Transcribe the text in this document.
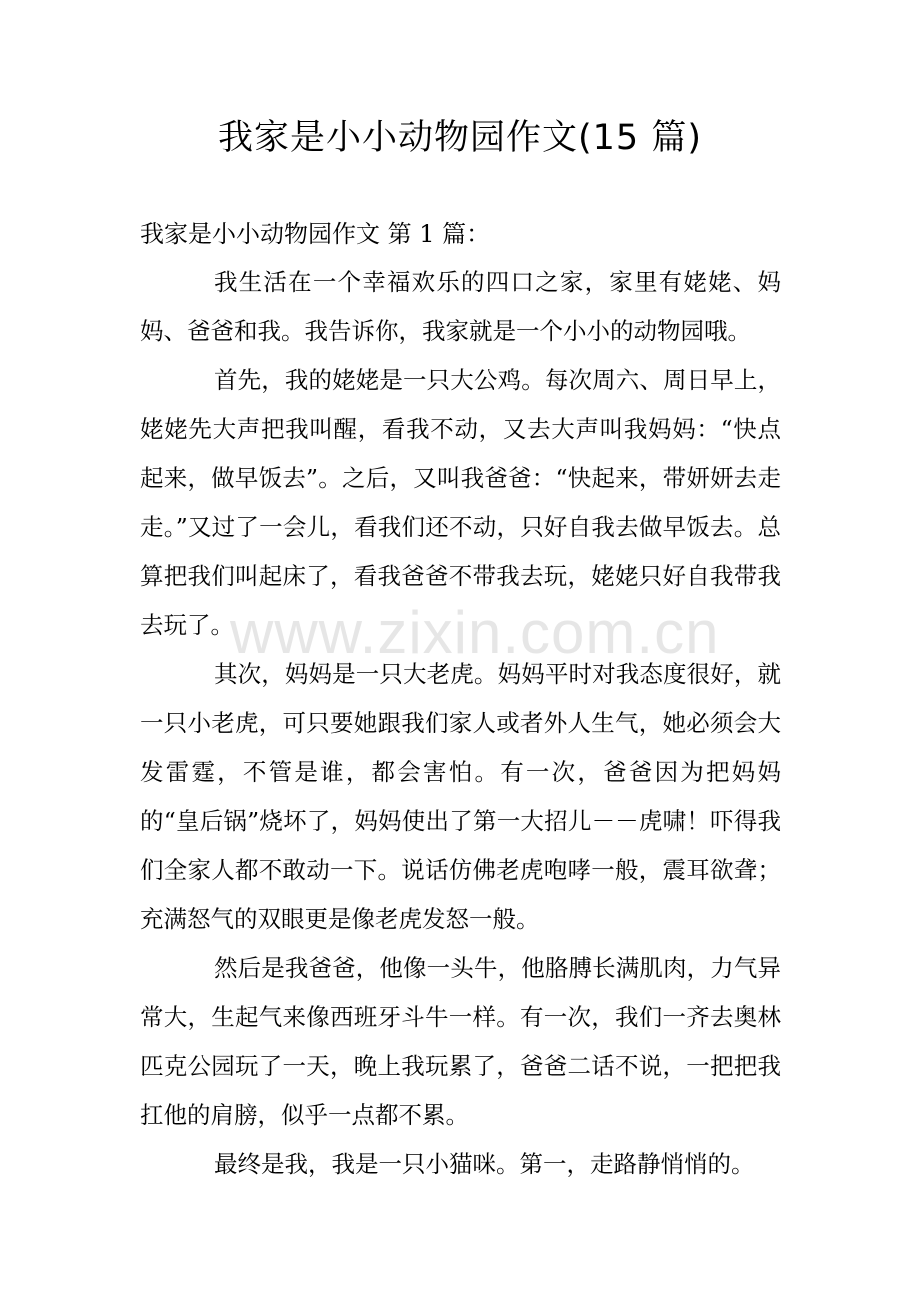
我家是小小动物园作文(15 篇)
我家是小小动物园作文 第 1 篇：

我生活在一个幸福欢乐的四口之家，家里有姥姥、妈妈、爸爸和我。我告诉你，我家就是一个小小的动物园哦。

首先，我的姥姥是一只大公鸡。每次周六、周日早上，姥姥先大声把我叫醒，看我不动，又去大声叫我妈妈：“快点起来，做早饭去”。之后，又叫我爸爸：“快起来，带妍妍去走走。”又过了一会儿，看我们还不动，只好自我去做早饭去。总算把我们叫起床了，看我爸爸不带我去玩，姥姥只好自我带我去玩了。

其次，妈妈是一只大老虎。妈妈平时对我态度很好，就一只小老虎，可只要她跟我们家人或者外人生气，她必须会大发雷霆，不管是谁，都会害怕。有一次，爸爸因为把妈妈的“皇后锅”烧坏了，妈妈使出了第一大招儿－－虎啸！吓得我们全家人都不敢动一下。说话仿佛老虎咆哮一般，震耳欲聋；充满怒气的双眼更是像老虎发怒一般。

然后是我爸爸，他像一头牛，他胳膊长满肌肉，力气异常大，生起气来像西班牙斗牛一样。有一次，我们一齐去奥林匹克公园玩了一天，晚上我玩累了，爸爸二话不说，一把把我扛他的肩膀，似乎一点都不累。

最终是我，我是一只小猫咪。第一，走路静悄悄的。

www.zixin.com.cn
